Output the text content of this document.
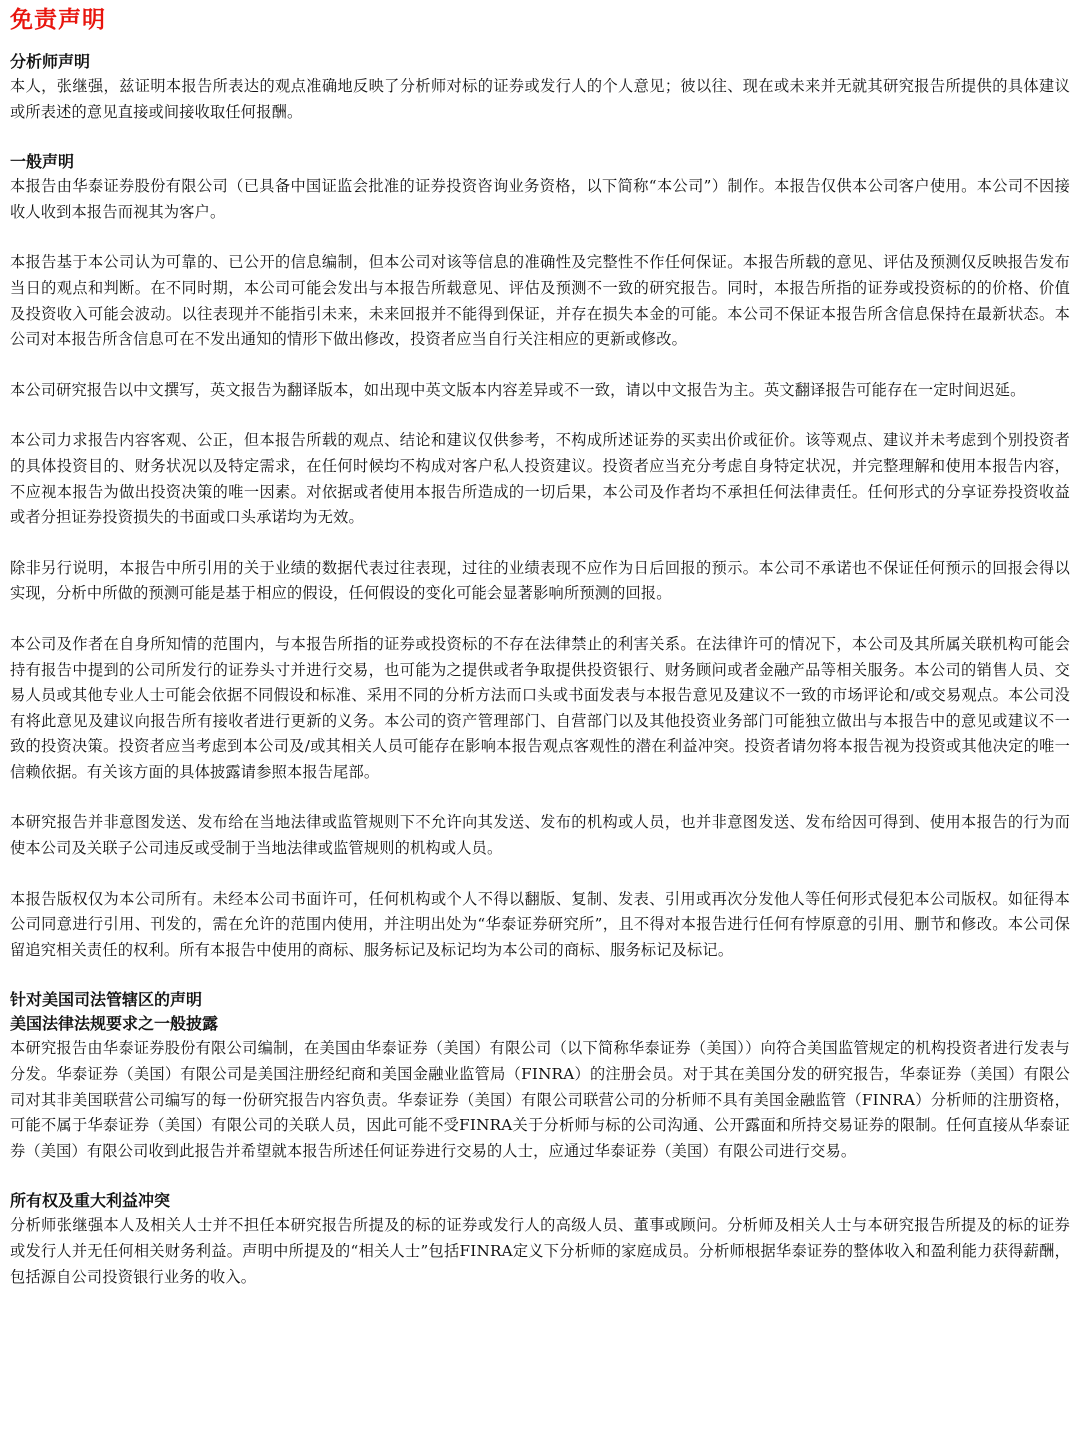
免责声明
分析师声明

本人，张继强，兹证明本报告所表达的观点准确地反映了分析师对标的证券或发行人的个人意见；彼以往、现在或未来并无就其研究报告所提供的具体建议或所表述的意见直接或间接收取任何报酬。

一般声明

本报告由华泰证券股份有限公司（已具备中国证监会批准的证券投资咨询业务资格，以下简称“本公司”）制作。本报告仅供本公司客户使用。本公司不因接收人收到本报告而视其为客户。

本报告基于本公司认为可靠的、已公开的信息编制，但本公司对该等信息的准确性及完整性不作任何保证。本报告所载的意见、评估及预测仅反映报告发布当日的观点和判断。在不同时期，本公司可能会发出与本报告所载意见、评估及预测不一致的研究报告。同时，本报告所指的证券或投资标的的价格、价值及投资收入可能会波动。以往表现并不能指引未来，未来回报并不能得到保证，并存在损失本金的可能。本公司不保证本报告所含信息保持在最新状态。本公司对本报告所含信息可在不发出通知的情形下做出修改，投资者应当自行关注相应的更新或修改。

本公司研究报告以中文撰写，英文报告为翻译版本，如出现中英文版本内容差异或不一致，请以中文报告为主。英文翻译报告可能存在一定时间迟延。

本公司力求报告内容客观、公正，但本报告所载的观点、结论和建议仅供参考，不构成所述证券的买卖出价或征价。该等观点、建议并未考虑到个别投资者的具体投资目的、财务状况以及特定需求，在任何时候均不构成对客户私人投资建议。投资者应当充分考虑自身特定状况，并完整理解和使用本报告内容，不应视本报告为做出投资决策的唯一因素。对依据或者使用本报告所造成的一切后果，本公司及作者均不承担任何法律责任。任何形式的分享证券投资收益或者分担证券投资损失的书面或口头承诺均为无效。

除非另行说明，本报告中所引用的关于业绩的数据代表过往表现，过往的业绩表现不应作为日后回报的预示。本公司不承诺也不保证任何预示的回报会得以实现，分析中所做的预测可能是基于相应的假设，任何假设的变化可能会显著影响所预测的回报。

本公司及作者在自身所知情的范围内，与本报告所指的证券或投资标的不存在法律禁止的利害关系。在法律许可的情况下，本公司及其所属关联机构可能会持有报告中提到的公司所发行的证券头寸并进行交易，也可能为之提供或者争取提供投资银行、财务顾问或者金融产品等相关服务。本公司的销售人员、交易人员或其他专业人士可能会依据不同假设和标准、采用不同的分析方法而口头或书面发表与本报告意见及建议不一致的市场评论和/或交易观点。本公司没有将此意见及建议向报告所有接收者进行更新的义务。本公司的资产管理部门、自营部门以及其他投资业务部门可能独立做出与本报告中的意见或建议不一致的投资决策。投资者应当考虑到本公司及/或其相关人员可能存在影响本报告观点客观性的潜在利益冲突。投资者请勿将本报告视为投资或其他决定的唯一信赖依据。有关该方面的具体披露请参照本报告尾部。

本研究报告并非意图发送、发布给在当地法律或监管规则下不允许向其发送、发布的机构或人员，也并非意图发送、发布给因可得到、使用本报告的行为而使本公司及关联子公司违反或受制于当地法律或监管规则的机构或人员。

本报告版权仅为本公司所有。未经本公司书面许可，任何机构或个人不得以翻版、复制、发表、引用或再次分发他人等任何形式侵犯本公司版权。如征得本公司同意进行引用、刊发的，需在允许的范围内使用，并注明出处为“华泰证券研究所”，且不得对本报告进行任何有悖原意的引用、删节和修改。本公司保留追究相关责任的权利。所有本报告中使用的商标、服务标记及标记均为本公司的商标、服务标记及标记。

针对美国司法管辖区的声明
美国法律法规要求之一般披露

本研究报告由华泰证券股份有限公司编制，在美国由华泰证券（美国）有限公司（以下简称华泰证券（美国））向符合美国监管规定的机构投资者进行发表与分发。华泰证券（美国）有限公司是美国注册经纪商和美国金融业监管局（FINRA）的注册会员。对于其在美国分发的研究报告，华泰证券（美国）有限公司对其非美国联营公司编写的每一份研究报告内容负责。华泰证券（美国）有限公司联营公司的分析师不具有美国金融监管（FINRA）分析师的注册资格，可能不属于华泰证券（美国）有限公司的关联人员，因此可能不受FINRA关于分析师与标的公司沟通、公开露面和所持交易证券的限制。任何直接从华泰证券（美国）有限公司收到此报告并希望就本报告所述任何证券进行交易的人士，应通过华泰证券（美国）有限公司进行交易。

所有权及重大利益冲突

分析师张继强本人及相关人士并不担任本研究报告所提及的标的证券或发行人的高级人员、董事或顾问。分析师及相关人士与本研究报告所提及的标的证券或发行人并无任何相关财务利益。声明中所提及的“相关人士”包括FINRA定义下分析师的家庭成员。分析师根据华泰证券的整体收入和盈利能力获得薪酬，包括源自公司投资银行业务的收入。
